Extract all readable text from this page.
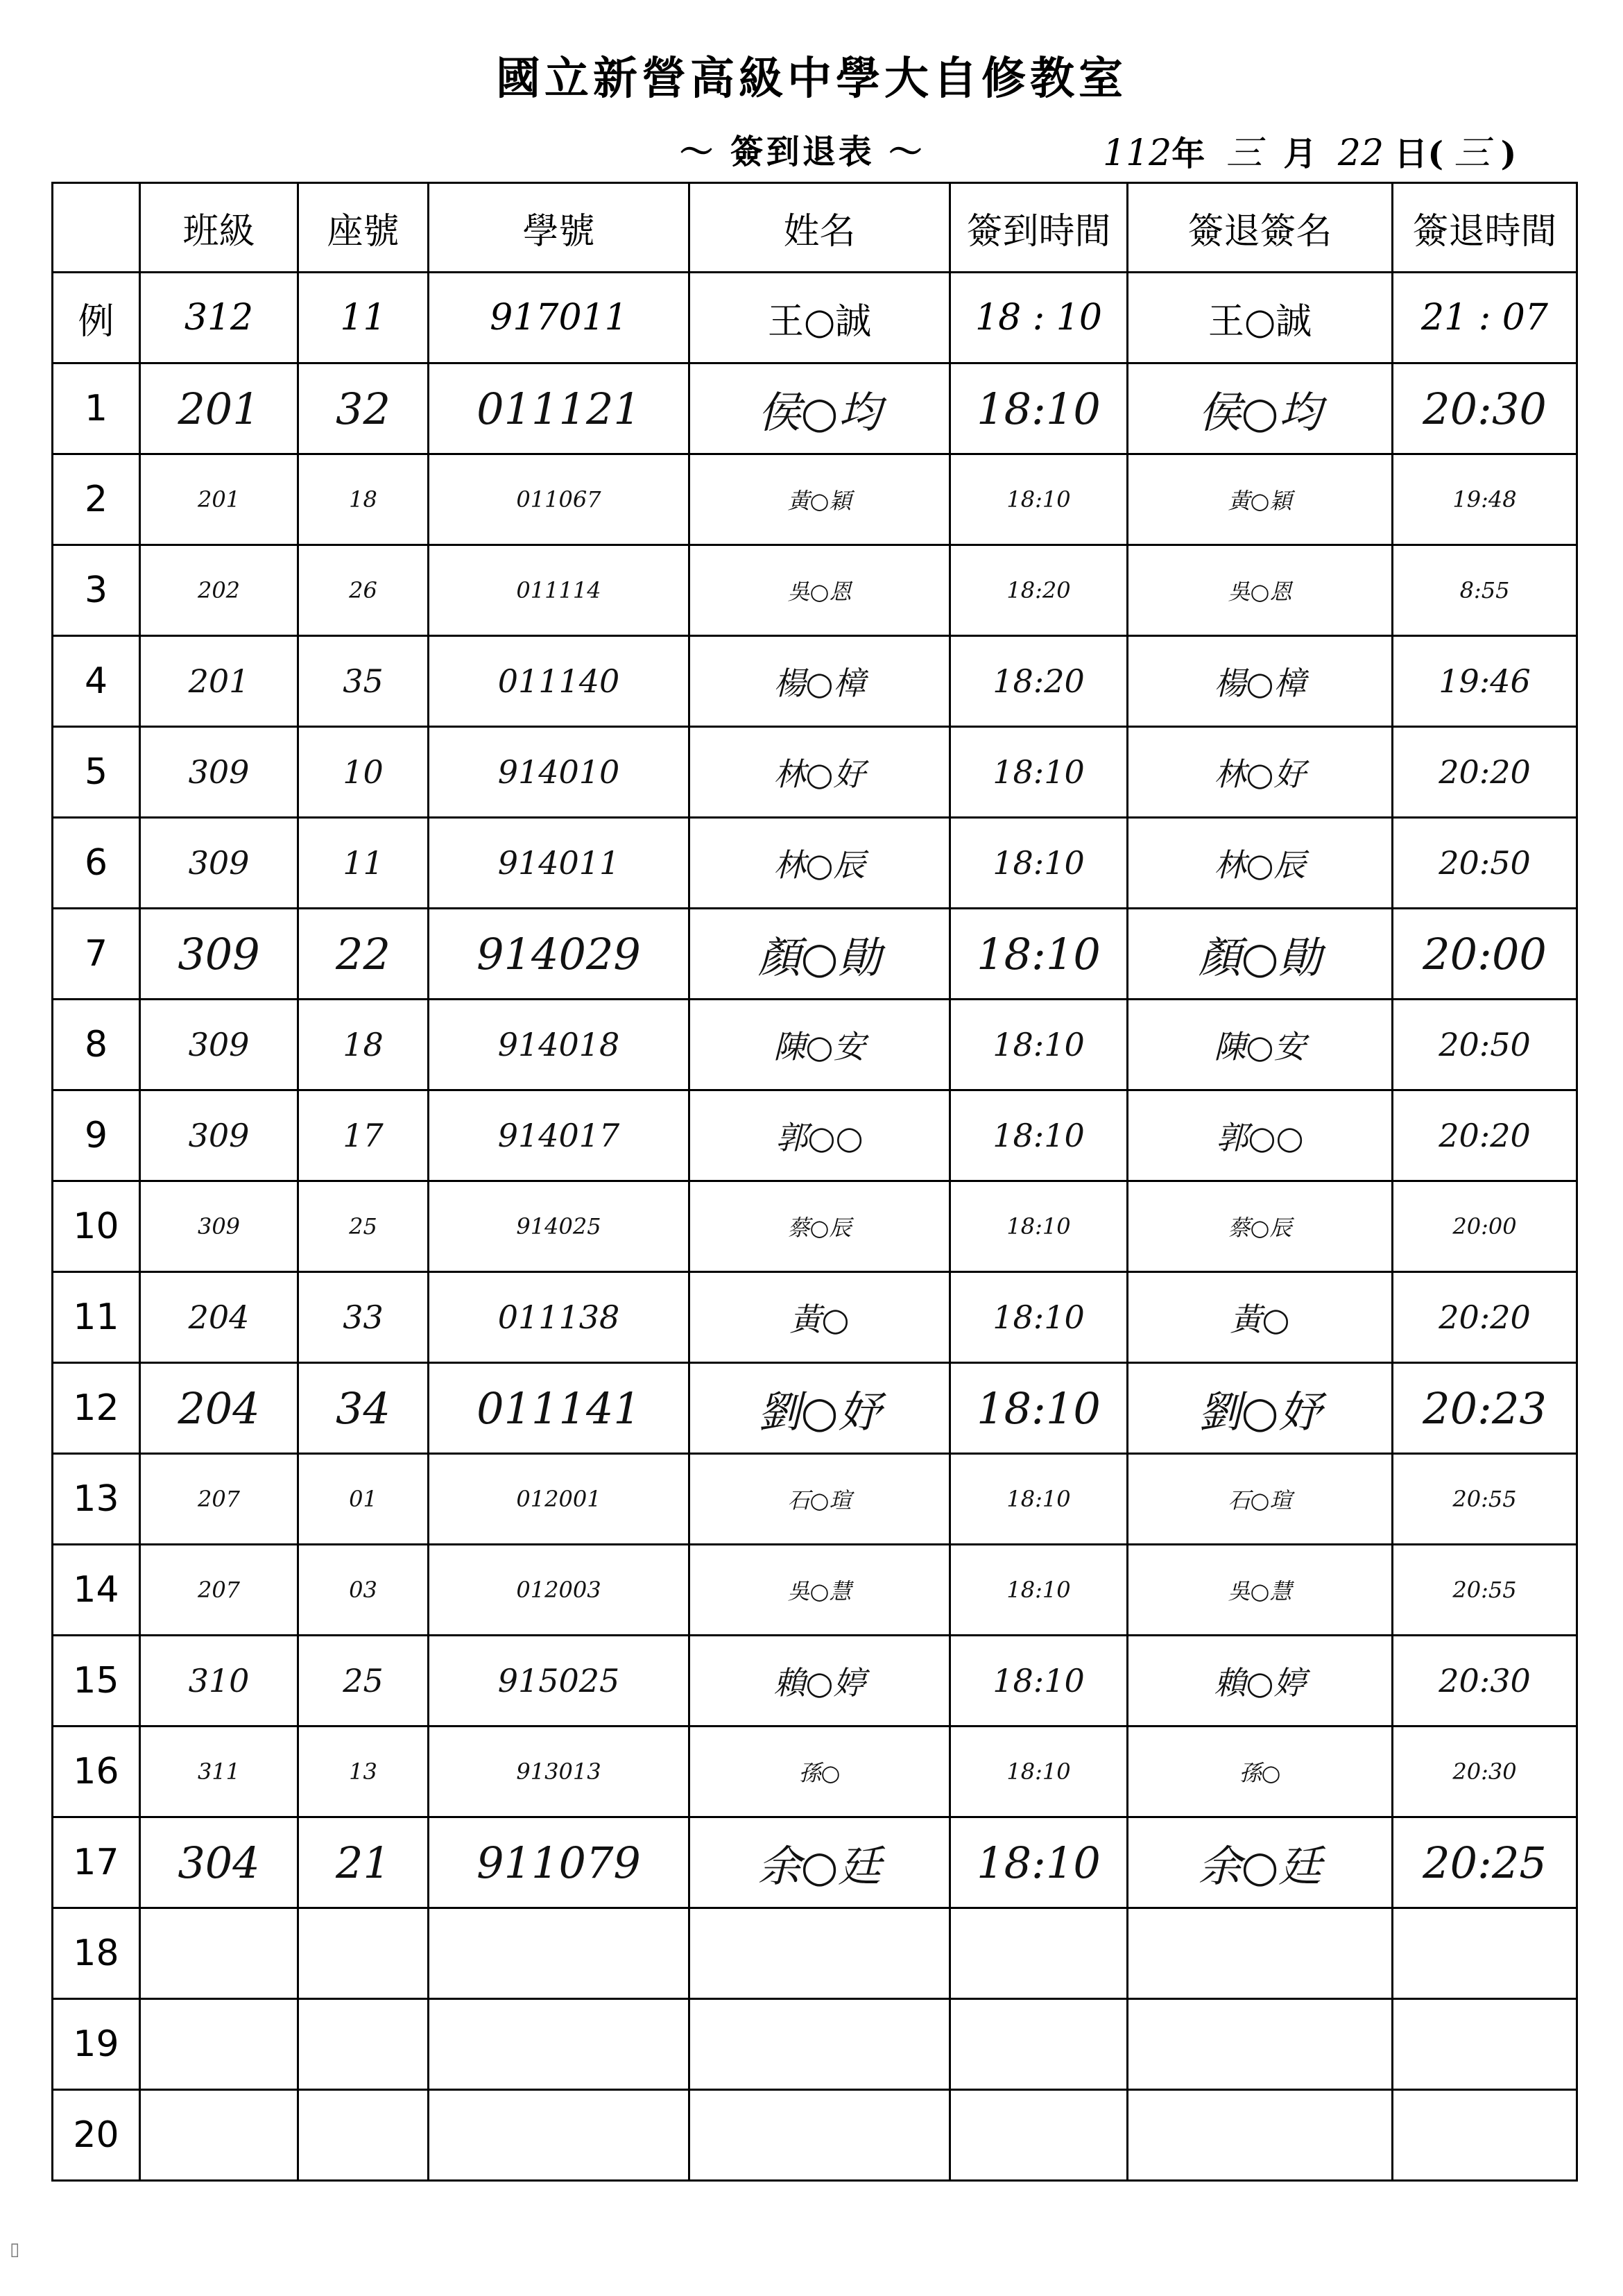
國立新營高級中學大自修教室
～ 簽到退表 ～	112年 三 月 22 日( 三 )
	班級	座號	學號	姓名	簽到時間	簽退簽名	簽退時間
例	312	11	917011	王○誠	18 : 10	王○誠	21 : 07
1	201	32	011121	侯○均	18:10	侯○均	20:30
2	201	18	011067	黃○穎	18:10	黃○穎	19:48
3	202	26	011114	吳○恩	18:20	吳○恩	8:55
4	201	35	011140	楊○樟	18:20	楊○樟	19:46
5	309	10	914010	林○好	18:10	林○好	20:20
6	309	11	914011	林○辰	18:10	林○辰	20:50
7	309	22	914029	顏○勛	18:10	顏○勛	20:00
8	309	18	914018	陳○安	18:10	陳○安	20:50
9	309	17	914017	郭○○	18:10	郭○○	20:20
10	309	25	914025	蔡○辰	18:10	蔡○辰	20:00
11	204	33	011138	黃○	18:10	黃○	20:20
12	204	34	011141	劉○妤	18:10	劉○妤	20:23
13	207	01	012001	石○瑄	18:10	石○瑄	20:55
14	207	03	012003	吳○慧	18:10	吳○慧	20:55
15	310	25	915025	賴○婷	18:10	賴○婷	20:30
16	311	13	913013	孫○	18:10	孫○	20:30
17	304	21	911079	余○廷	18:10	余○廷	20:25
18							
19							
20							
▯
